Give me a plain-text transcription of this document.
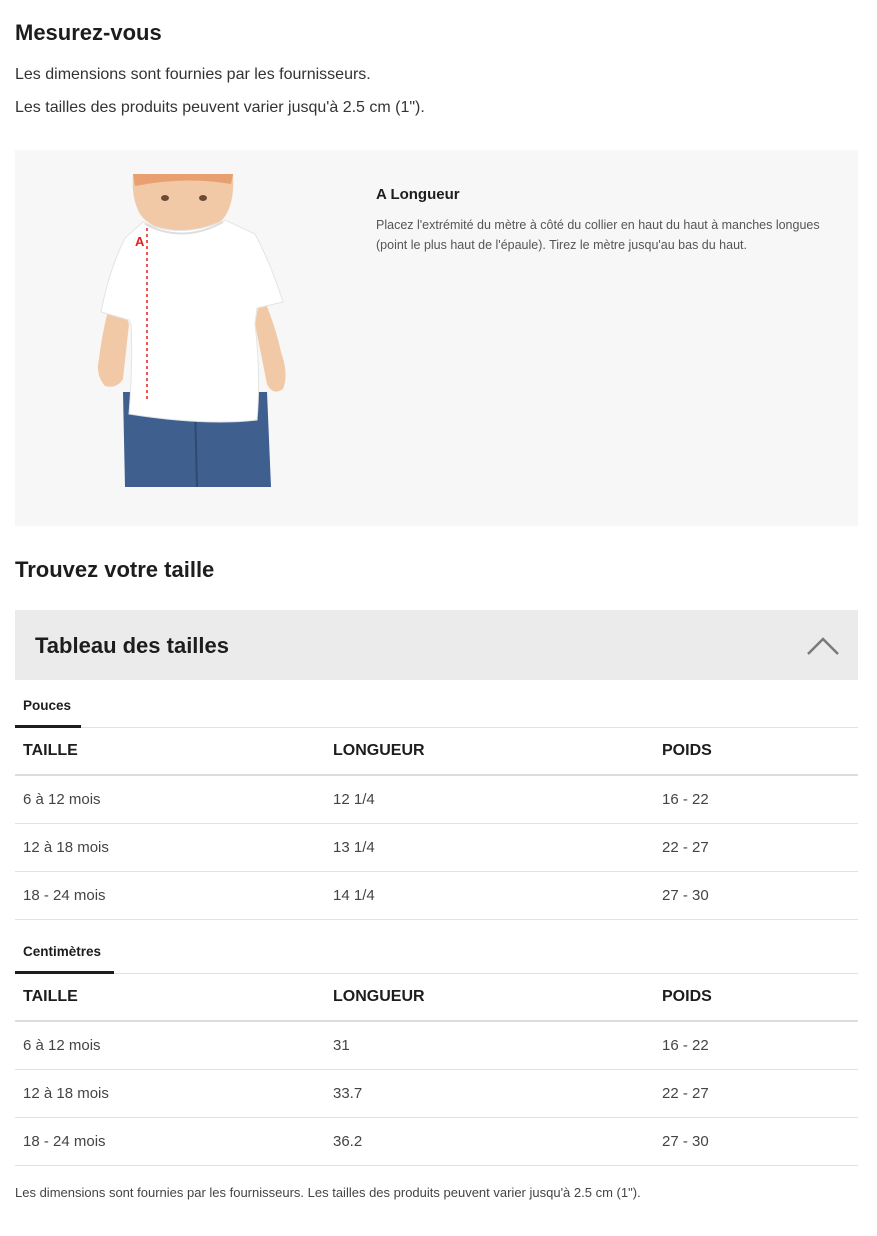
Mesurez-vous

Les dimensions sont fournies par les fournisseurs.

Les tailles des produits peuvent varier jusqu'à 2.5 cm (1").

A

A Longueur

Placez l'extrémité du mètre à côté du collier en haut du haut à manches longues (point le plus haut de l'épaule). Tirez le mètre jusqu'au bas du haut.

Trouvez votre taille
Tableau des tailles
Pouces
TAILLE	LONGUEUR	POIDS
6 à 12 mois	12 1/4	16 - 22
12 à 18 mois	13 1/4	22 - 27
18 - 24 mois	14 1/4	27 - 30
Centimètres
TAILLE	LONGUEUR	POIDS
6 à 12 mois	31	16 - 22
12 à 18 mois	33.7	22 - 27
18 - 24 mois	36.2	27 - 30

Les dimensions sont fournies par les fournisseurs. Les tailles des produits peuvent varier jusqu'à 2.5 cm (1").
